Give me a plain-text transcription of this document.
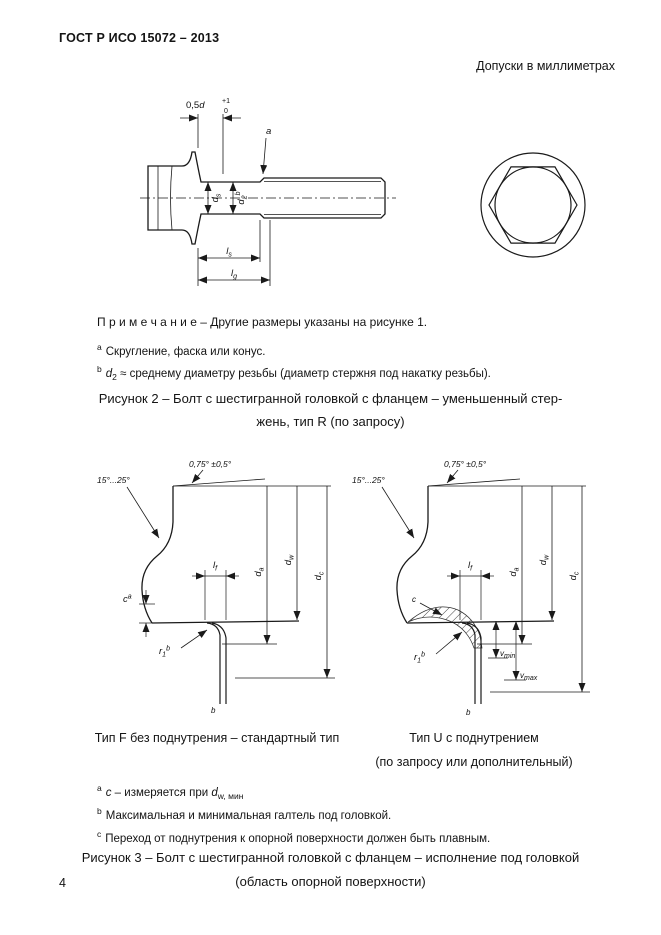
ГОСТ Р ИСО 15072 – 2013
Допуски в миллиметрах
0,5d +1
0
a
$d_s$
$d_2^b$
$l_s$
$l_g$

П р и м е ч а н и е – Другие размеры указаны на рисунке 1.

$^a$ Скругление, фаска или конус.

$^b$ $d_2$ ≈ среднему диаметру резьбы (диаметр стержня под накатку резьбы).

Рисунок 2 – Болт с шестигранной головкой с фланцем – уменьшенный стер-
жень, тип R (по запросу)
0,75° ±0,5°
15°...25°
$l_f$
$c^a$
$r_1^b$
$d_a$
$d_w$
$d_c$
b
0,75° ±0,5°
15°...25°
$l_f$
c
$r_1^b$
$d_a$
$d_w$
$d_c$
vmin
vmax
b
Тип F без поднутрения – стандартный тип	Тип U с поднутрением
(по запросу или дополнительный)

$^a$ c – измеряется при $d_{w, мин}$

$^b$ Максимальная и минимальная галтель под головкой.

$^c$ Переход от поднутрения к опорной поверхности должен быть плавным.

Рисунок 3 – Болт с шестигранной головкой с фланцем – исполнение под головкой
(область опорной поверхности)
4
